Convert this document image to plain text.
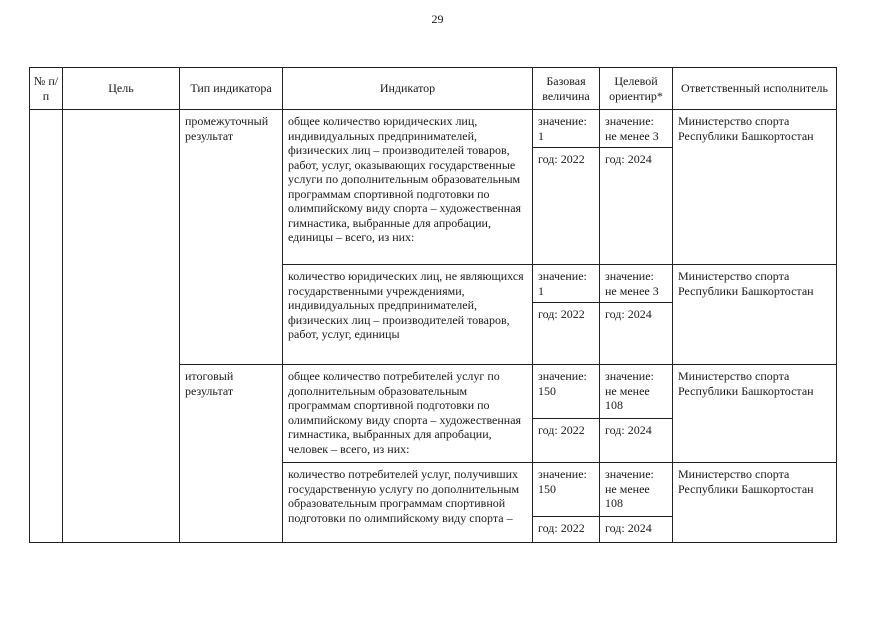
29
№ п/п	Цель	Тип индикатора	Индикатор	Базовая величина	Целевой ориентир*	Ответственный исполнитель
		промежуточный результат	общее количество юридических лиц, индивидуальных предпринимателей, физических лиц – производителей товаров, работ, услуг, оказывающих государственные услуги по дополнительным образовательным программам спортивной подготовки по олимпийскому виду спорта – художественная гимнастика, выбранные для апробации, единицы – всего, из них:	значение: 1	значение: не менее 3	Министерство спорта Республики Башкортостан
				год: 2022	год: 2024	
			количество юридических лиц, не являющихся государственными учреждениями, индивидуальных предпринимателей, физических лиц – производителей товаров, работ, услуг, единицы	значение: 1	значение: не менее 3	Министерство спорта Республики Башкортостан
				год: 2022	год: 2024	
		итоговый результат	общее количество потребителей услуг по дополнительным образовательным программам спортивной подготовки по олимпийскому виду спорта – художественная гимнастика, выбранных для апробации, человек – всего, из них:	значение: 150	значение: не менее 108	Министерство спорта Республики Башкортостан
				год: 2022	год: 2024	
			количество потребителей услуг, получивших государственную услугу по дополнительным образовательным программам спортивной подготовки по олимпийскому виду спорта –	значение: 150	значение: не менее 108	Министерство спорта Республики Башкортостан
				год: 2022	год: 2024	
